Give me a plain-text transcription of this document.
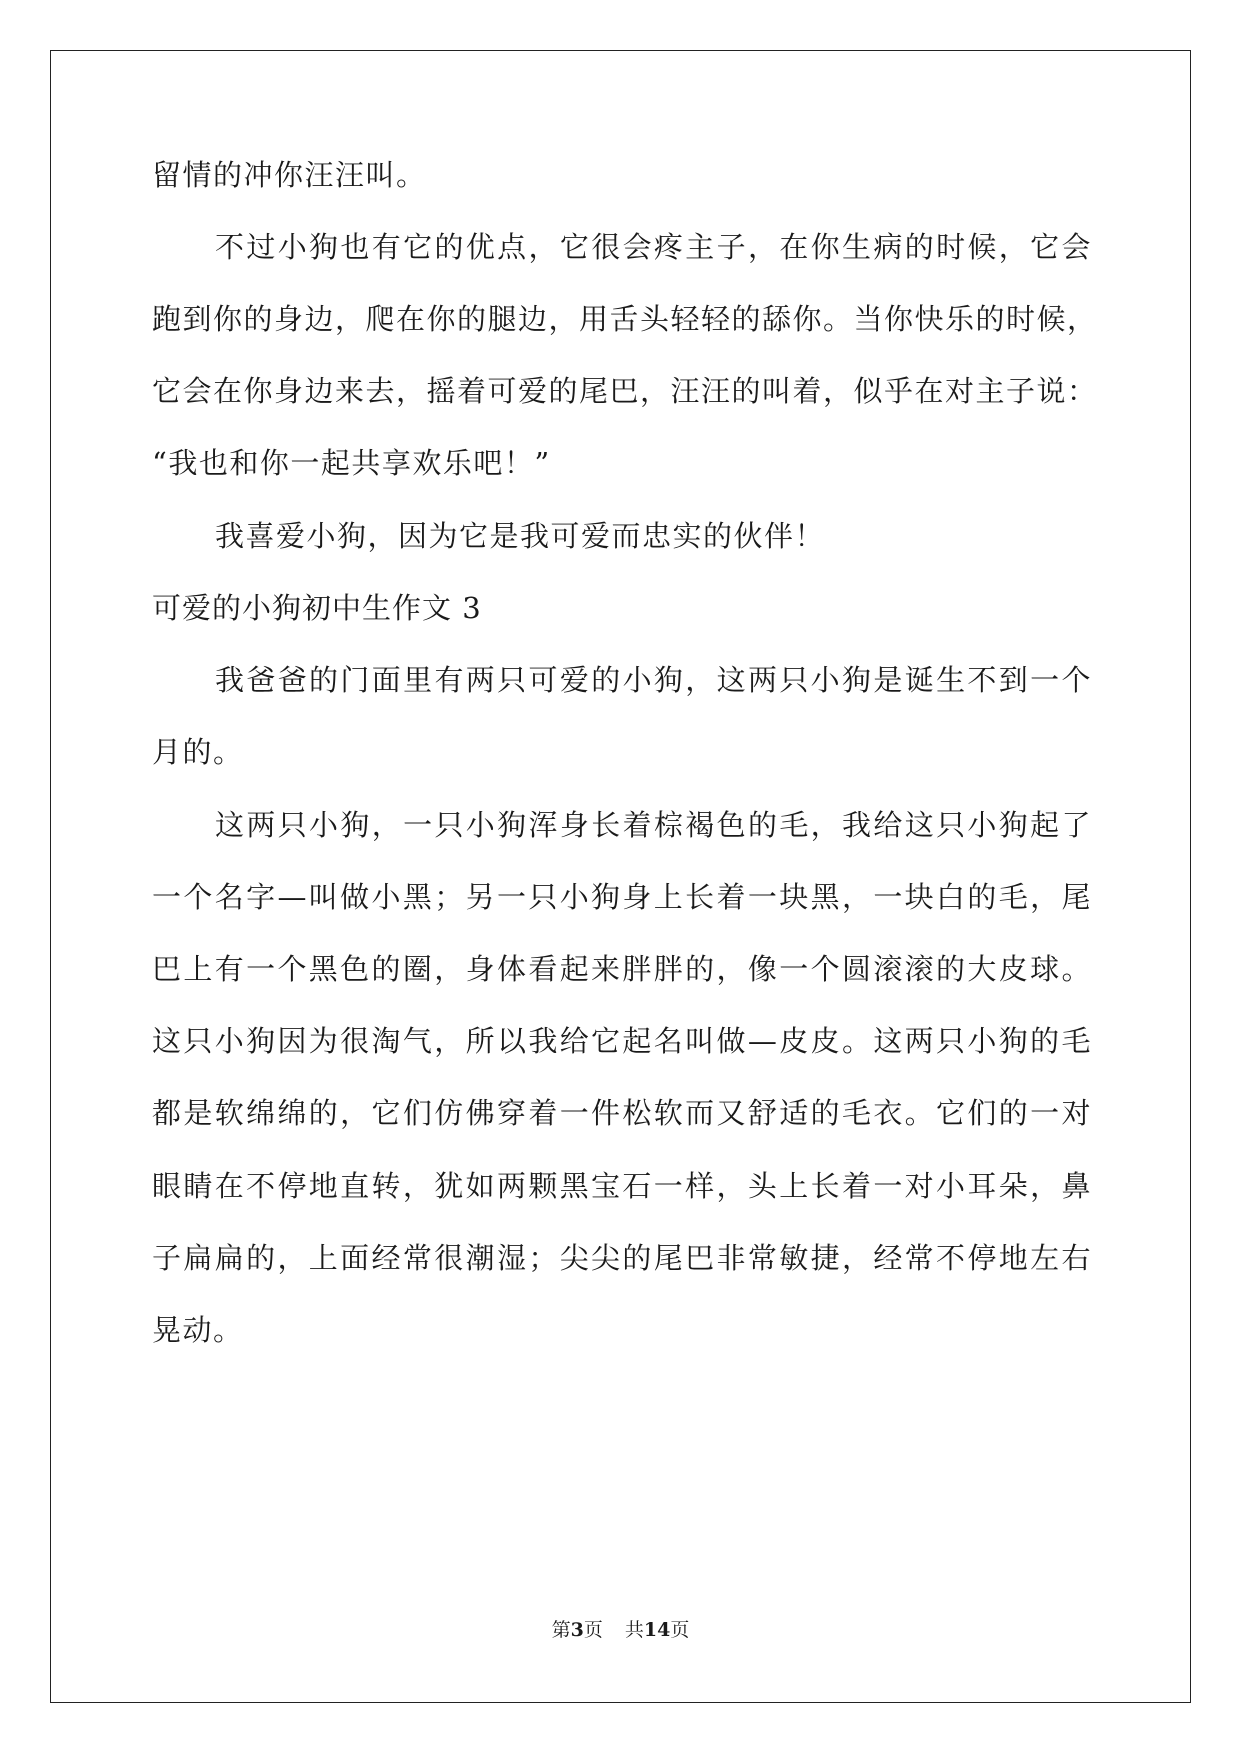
留情的冲你汪汪叫。
不过小狗也有它的优点，它很会疼主子，在你生病的时候，它会
跑到你的身边，爬在你的腿边，用舌头轻轻的舔你。当你快乐的时候，
它会在你身边来去，摇着可爱的尾巴，汪汪的叫着，似乎在对主子说：
“我也和你一起共享欢乐吧！”
我喜爱小狗，因为它是我可爱而忠实的伙伴！
可爱的小狗初中生作文 3
我爸爸的门面里有两只可爱的小狗，这两只小狗是诞生不到一个
月的。
这两只小狗，一只小狗浑身长着棕褐色的毛，我给这只小狗起了
一个名字—叫做小黑；另一只小狗身上长着一块黑，一块白的毛，尾
巴上有一个黑色的圈，身体看起来胖胖的，像一个圆滚滚的大皮球。
这只小狗因为很淘气，所以我给它起名叫做—皮皮。这两只小狗的毛
都是软绵绵的，它们仿佛穿着一件松软而又舒适的毛衣。它们的一对
眼睛在不停地直转，犹如两颗黑宝石一样，头上长着一对小耳朵，鼻
子扁扁的，上面经常很潮湿；尖尖的尾巴非常敏捷，经常不停地左右
晃动。
第3页 共14页
